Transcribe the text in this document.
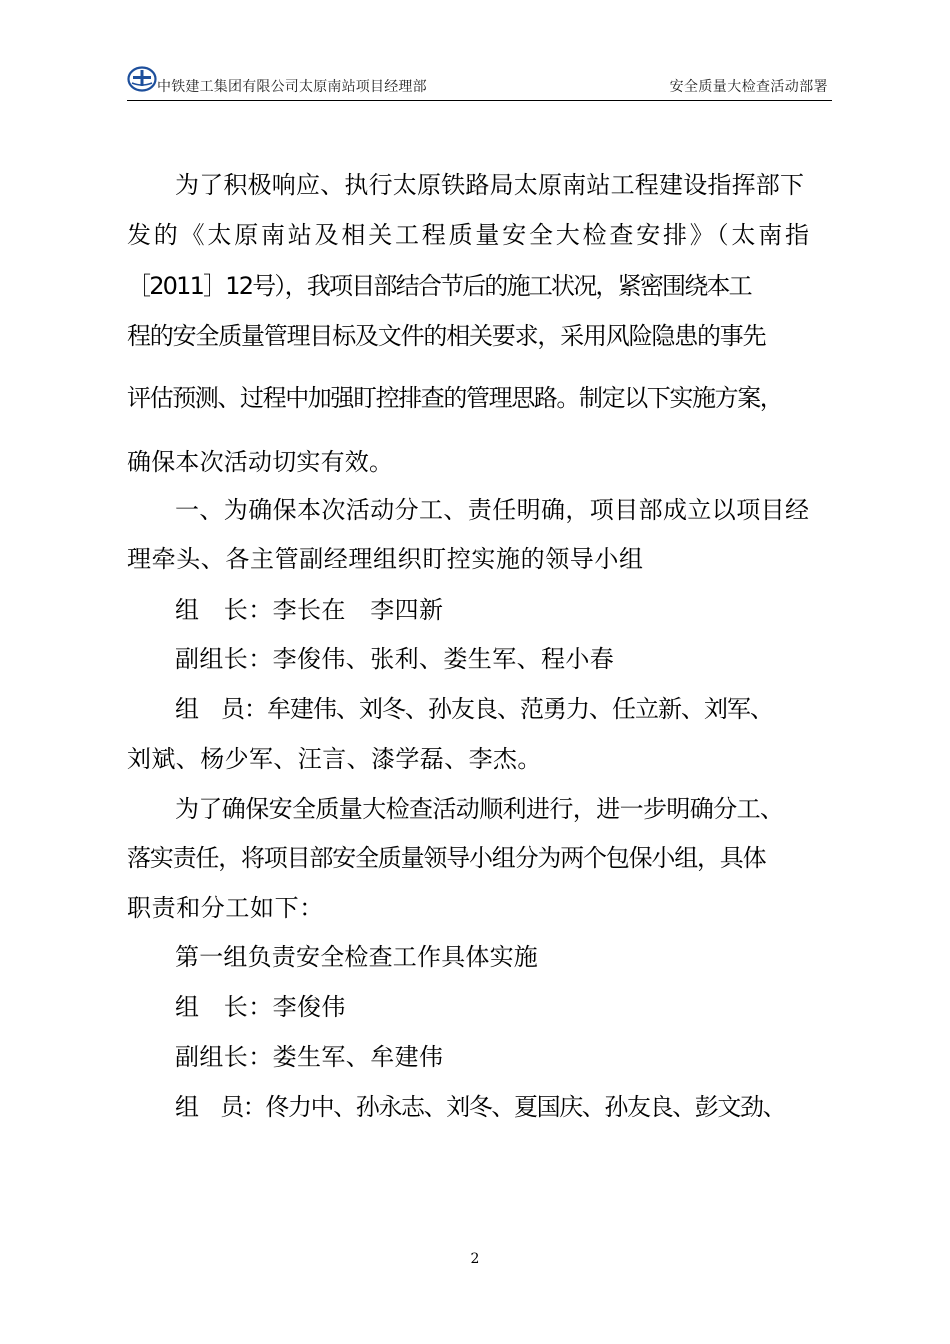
中铁建工集团有限公司太原南站项目经理部	安全质量大检查活动部署
为了积极响应、执行太原铁路局太原南站工程建设指挥部下
发的《太原南站及相关工程质量安全大检查安排》（太南指
［2011］12号），我项目部结合节后的施工状况，紧密围绕本工
程的安全质量管理目标及文件的相关要求，采用风险隐患的事先
评估预测、过程中加强盯控排查的管理思路。制定以下实施方案，
确保本次活动切实有效。
一、为确保本次活动分工、责任明确，项目部成立以项目经
理牵头、各主管副经理组织盯控实施的领导小组
组　长：李长在　李四新
副组长：李俊伟、张利、娄生军、程小春
组　员：牟建伟、刘冬、孙友良、范勇力、任立新、刘军、
刘斌、杨少军、汪言、漆学磊、李杰。
为了确保安全质量大检查活动顺利进行，进一步明确分工、
落实责任，将项目部安全质量领导小组分为两个包保小组，具体
职责和分工如下：
第一组负责安全检查工作具体实施
组　长：李俊伟
副组长：娄生军、牟建伟
组　员：佟力中、孙永志、刘冬、夏国庆、孙友良、彭文劲、
2
